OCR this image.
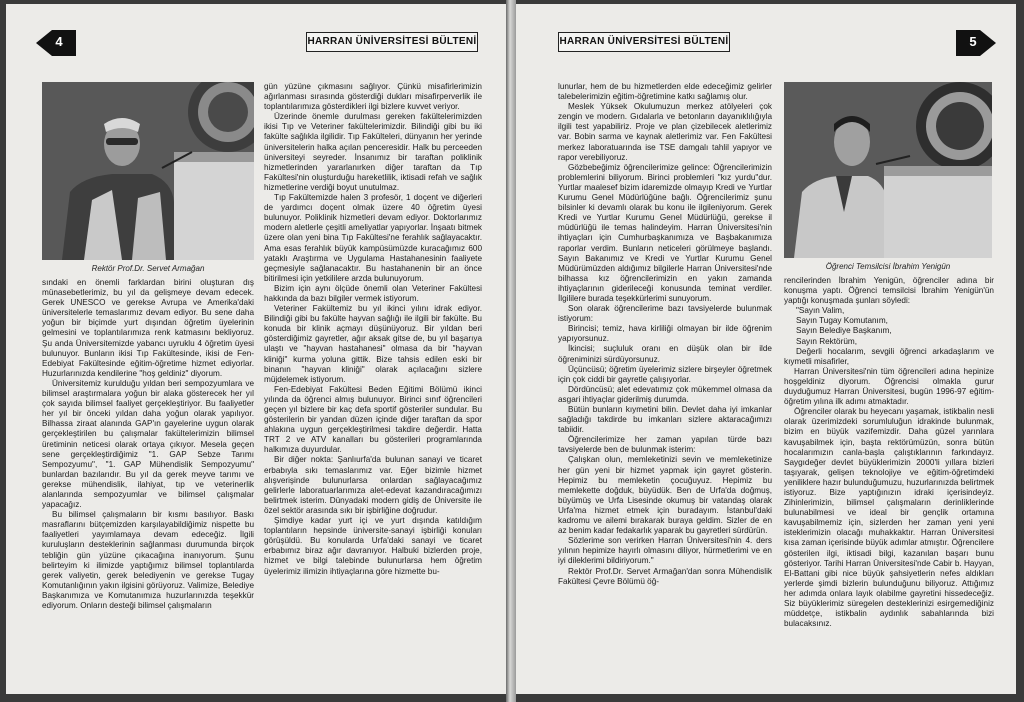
4	HARRAN ÜNİVERSİTESİ BÜLTENİ
Rektör Prof.Dr. Servet Armağan

sındaki en önemli farklardan birini oluşturan dış münasebetlerimiz, bu yıl da gelişmeye devam edecek. Gerek UNESCO ve gerekse Avrupa ve Amerika'daki üniversitelerle temaslarımız devam ediyor. Bu sene daha yoğun bir biçimde yurt dışından öğretim üyelerinin gelmesini ve toplantılarımıza renk katmasını bekliyoruz. Şu anda Üniversitemizde yabancı uyruklu 4 öğretim üyesi bulunuyor. Bunların ikisi Tıp Fakültesinde, ikisi de Fen-Edebiyat Fakültesinde eğitim-öğretime hizmet ediyorlar. Huzurlarınızda kendilerine "hoş geldiniz" diyorum.

Üniversitemiz kurulduğu yıldan beri sempozyumlara ve bilimsel araştırmalara yoğun bir alaka gösterecek her yıl çok sayıda bilimsel faaliyet gerçekleştiriyor. Bu faaliyetler her yıl bir önceki yıldan daha yoğun olarak yapılıyor. Bilhassa ziraat alanında GAP'ın gayelerine uygun olarak gerçekleştirilen bu çalışmalar fakültelerimizin bilimsel üretiminin neticesi olarak ortaya çıkıyor. Mesela geçen sene gerçekleştirdiğimiz "1. GAP Sebze Tarımı Sempozyumu", "1. GAP Mühendislik Sempozyumu" bunlardan bazılarıdır. Bu yıl da gerek meyve tarımı ve gerekse mühendislik, ilahiyat, tıp ve veterinerlik alanlarında sempozyumlar ve bilimsel çalışmalar yapacağız.

Bu bilimsel çalışmaların bir kısmı basılıyor. Baskı masraflarını bütçemizden karşılayabildiğimiz nispette bu faaliyetleri yayımlamaya devam edeceğiz. İlgili kuruluşların desteklerinin sağlanması durumunda birçok tebliğin gün yüzüne çıkacağına inanıyorum. Şunu belirteyim ki ilimizde yaptığımız bilimsel toplantılarda gerek valiyetin, gerek belediyenin ve gerekse Tugay Komutanlığının yakın ilgisini görüyoruz. Valimize, Belediye Başkanımıza ve Komutanımıza huzurlarınızda teşekkür ediyorum. Onların desteği bilimsel çalışmaların

gün yüzüne çıkmasını sağlıyor. Çünkü misafirlerimizin ağırlanması sırasında gösterdiği dukları misafirperverlik ile toplantılarımıza gösterdikleri ilgi bizlere kuvvet veriyor.

Üzerinde önemle durulması gereken fakültelerimizden ikisi Tıp ve Veteriner fakültelerimizdir. Bilindiği gibi bu iki fakülte sağlıkla ilgilidir. Tıp Fakülteleri, dünyanın her yerinde üniversitelerin halka açılan penceresidir. Halk bu perceeden üniversiteyi seyreder. İnsanımız bir taraftan poliklinik hizmetlerinden yararlanırken diğer taraftan da Tıp Fakültesi'nin oluşturduğu hareketlilik, iktisadi refah ve sağlık hizmetlerine verdiği boyut unutulmaz.

Tıp Fakültemizde halen 3 profesör, 1 doçent ve diğerleri de yardımcı doçent olmak üzere 40 öğretim üyesi bulunuyor. Poliklinik hizmetleri devam ediyor. Doktorlarımız modern aletlerle çeşitli ameliyatlar yapıyorlar. İnşaatı bitmek üzere olan yeni bina Tıp Fakültesi'ne ferahlık sağlayacaktır. Ama esas ferahlık büyük kampüsümüzde kuracağımız 600 yataklı Araştırma ve Uygulama Hastahanesinin faaliyete geçmesiyle sağlanacaktır. Bu hastahanenin bir an önce bitirilmesi için yetkililere arzda bulunuyorum.

Bizim için aynı ölçüde önemli olan Veteriner Fakültesi hakkında da bazı bilgiler vermek istiyorum.

Veteriner Fakültemiz bu yıl ikinci yılını idrak ediyor. Bilindiği gibi bu fakülte hayvan sağlığı ile ilgili bir fakülte. Bu konuda bir klinik açmayı düşünüyoruz. Bir yıldan beri gösterdiğimiz gayretler, ağır aksak gitse de, bu yıl başarıya ulaştı ve "hayvan hastahanesi" olmasa da bir "hayvan kliniği" kurma yoluna gittik. Bize tahsis edilen eski bir binanın "hayvan kliniği" olarak açılacağını sizlere müjdelemek istiyorum.

Fen-Edebiyat Fakültesi Beden Eğitimi Bölümü ikinci yılında da öğrenci almış bulunuyor. Birinci sınıf öğrencileri geçen yıl bizlere bir kaç defa sportif gösteriler sundular. Bu gösterilerin bir yandan düzen içinde diğer taraftan da spor ahlakına uygun gerçekleştirilmesi takdire değerdir. Hatta TRT 2 ve ATV kanalları bu gösterileri programlarında halkımıza duyurdular.

Bir diğer nokta: Şanlıurfa'da bulunan sanayi ve ticaret erbabıyla sıkı temaslarımız var. Eğer bizimle hizmet alışverişinde bulunurlarsa onlardan sağlayacağımız gelirlerle laboratuarlarımıza alet-edevat kazandıracağımızı belirtmek isterim. Dünyadaki modern gidiş de Üniversite ile özel sektör arasında sıkı bir işbirliğine doğrudur.

Şimdiye kadar yurt içi ve yurt dışında katıldığım toplantıların hepsinde üniversite-sanayi işbirliği konuları görüşüldü. Bu konularda Urfa'daki sanayi ve ticaret erbabımız biraz ağır davranıyor. Halbuki bizlerden proje, hizmet ve bilgi talebinde bulunurlarsa hem öğretim üyelerimiz ilimizin ihtiyaçlarına göre hizmette bu-

HARRAN ÜNİVERSİTESİ BÜLTENİ	5

lunurlar, hem de bu hizmetlerden elde edeceğimiz gelirler talebelerimizin eğitim-öğretimine katkı sağlamış olur.

Meslek Yüksek Okulumuzun merkez atölyeleri çok zengin ve modern. Gıdalarla ve betonların dayanıklılığıyla ilgili test yapabiliriz. Proje ve plan çizebilecek aletlerimiz var. Bobin sarma ve kaynak aletlerimiz var. Fen Fakültesi merkez laboratuarında ise TSE damgalı tahlil yapıyor ve rapor verebiliyoruz.

Gözbebeğimiz öğrencilerimize gelince: Öğrencilerimizin problemlerini biliyorum. Birinci problemleri "kız yurdu"dur. Yurtlar maalesef bizim idaremizde olmayıp Kredi ve Yurtlar Kurumu Genel Müdürlüğüne bağlı. Öğrencilerimiz şunu bilsinler ki devamlı olarak bu konu ile ilgileniyorum. Gerek Kredi ve Yurtlar Kurumu Genel Müdürlüğü, gerekse il müdürlüğü ile temas halindeyim. Harran Üniversitesi'nin ihtiyaçları için Cumhurbaşkanımıza ve Başbakanımıza raporlar verdim. Bunların neticeleri görülmeye başlandı. Sayın Bakanımız ve Kredi ve Yurtlar Kurumu Genel Müdürümüzden aldığımız bilgilerle Harran Üniversitesi'nde bilhassa kız öğrencilerimizin en yakın zamanda ihtiyaçlarının giderileceği konusunda teminat verdiler. İlgililere burada teşekkürlerimi sunuyorum.

Son olarak öğrencilerime bazı tavsiyelerde bulunmak istiyorum:

Birincisi; temiz, hava kirliliği olmayan bir ilde öğrenim yapıyorsunuz.

İkincisi; suçluluk oranı en düşük olan bir ilde öğreniminizi sürdüyorsunuz.

Üçüncüsü; öğretim üyelerimiz sizlere birşeyler öğretmek için çok ciddi bir gayretle çalışıyorlar.

Dördüncüsü; alet edevatımız çok mükemmel olmasa da asgari ihtiyaçlar giderilmiş durumda.

Bütün bunların kıymetini bilin. Devlet daha iyi imkanlar sağladığı takdirde bu imkanları sizlere aktaracağımızı tabiidir.

Öğrencilerimize her zaman yapılan türde bazı tavsiyelerde ben de bulunmak isterim:

Çalışkan olun, memleketinizi sevin ve memleketinize her gün yeni bir hizmet yapmak için gayret gösterin. Hepimiz bu memleketin çocuğuyuz. Hepimiz bu memlekette doğduk, büyüdük. Ben de Urfa'da doğmuş, büyümüş ve Urfa Lisesinde okumuş bir vatandaş olarak Urfa'ma hizmet etmek için buradayım. İstanbul'daki kadromu ve ailemi bırakarak buraya geldim. Sizler de en az benim kadar fedakarlık yaparak bu gayretleri sürdürün.

Sözlerime son verirken Harran Üniversitesi'nin 4. ders yılının hepimize hayırlı olmasını diliyor, hürmetlerimi ve en iyi dileklerimi bildiriyorum."

Rektör Prof.Dr. Servet Armağan'dan sonra Mühendislik Fakültesi Çevre Bölümü öğ-

Öğrenci Temsilcisi İbrahim Yenigün

rencilerinden İbrahim Yenigün, öğrenciler adına bir konuşma yaptı. Öğrenci temsilcisi İbrahim Yenigün'ün yaptığı konuşmada şunları söyledi:

"Sayın Valim,

Sayın Tugay Komutanım,

Sayın Belediye Başkanım,

Sayın Rektörüm,

Değerli hocalarım, sevgili öğrenci arkadaşlarım ve kıymetli misafirler,

Harran Üniversitesi'nin tüm öğrencileri adına hepinize hoşgeldiniz diyorum. Öğrencisi olmakla gurur duyduğumuz Harran Üniversitesi, bugün 1996-97 eğitim-öğretim yılına ilk adımı atmaktadır.

Öğrenciler olarak bu heyecanı yaşamak, istikbalin nesli olarak üzerimizdeki sorumluluğun idrakinde bulunmak, bizim en büyük vazifemizdir. Daha güzel yarınlara kavuşabilmek için, başta rektörümüzün, sonra bütün hocalarımızın canla-başla çalıştıklarının farkındayız. Saygıdeğer devlet büyüklerimizin 2000'li yıllara bizleri taşıyarak, gelişen teknolojiye ve eğitim-öğretimdeki yeniliklere hazır bulunduğumuzu, huzurlarınızda belirtmek istiyoruz. Bize yaptığınızın idraki içerisindeyiz. Zihinlerimizin, bilimsel çalışmaların derinliklerinde bulunabilmesi ve ideal bir gençlik ortamına kavuşabilmemiz için, sizlerden her zaman yeni yeni isteklerimizin olacağı muhakkaktır. Harran Üniversitesi kısa zaman içerisinde büyük adımlar atmıştır. Öğrencilere gösterilen ilgi, iktisadi bilgi, kazanılan başarı bunu gösteriyor. Tarihi Harran Üniversitesi'nde Cabir b. Hayyan, El-Battani gibi nice büyük şahsiyetlerin nefes aldıkları yerlerde şimdi bizlerin bulunduğunu biliyoruz. Attığımız her adımda onlara layık olabilme gayretini hissedeceğiz. Siz büyüklerimiz süregelen desteklerinizi esirgemediğiniz müddetçe, istikbalin aydınlık sabahlarında bizi bulacaksınız.
